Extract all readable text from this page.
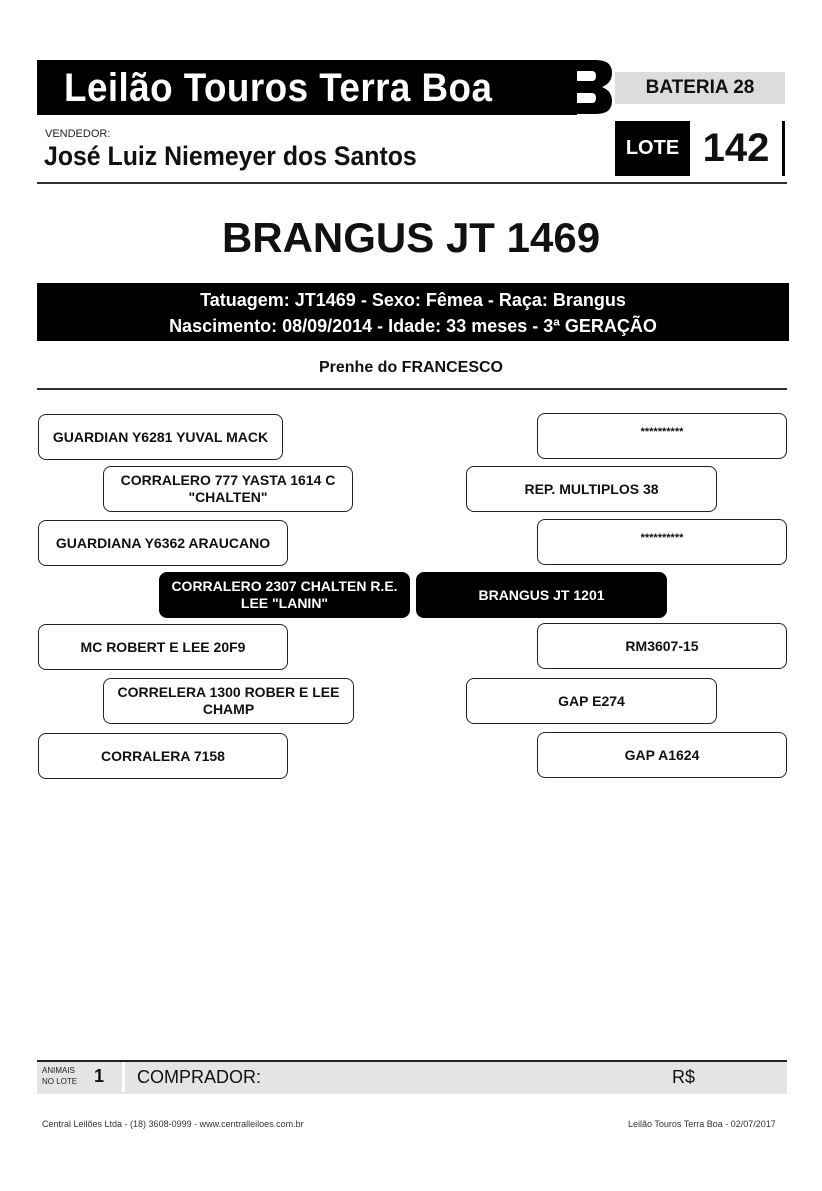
Leilão Touros Terra Boa	BATERIA 28
VENDEDOR:
José Luiz Niemeyer dos Santos	LOTE 142
BRANGUS JT 1469
Tatuagem: JT1469 - Sexo: Fêmea - Raça: Brangus
Nascimento: 08/09/2014 - Idade: 33 meses - 3ª GERAÇÃO
Prenhe do FRANCESCO
GUARDIAN Y6281 YUVAL MACK
CORRALERO 777 YASTA 1614 C "CHALTEN"
GUARDIANA Y6362 ARAUCANO
CORRALERO 2307 CHALTEN R.E. LEE "LANIN"
MC ROBERT E LEE 20F9
CORRELERA 1300 ROBER E LEE CHAMP
CORRALERA 7158
**********
REP. MULTIPLOS 38
**********
BRANGUS JT 1201
RM3607-15
GAP E274
GAP A1624
ANIMAIS NO LOTE 1 COMPRADOR:	R$
Central Leilões Ltda - (18) 3608-0999 - www.centralleiloes.com.br	Leilão Touros Terra Boa - 02/07/2017
